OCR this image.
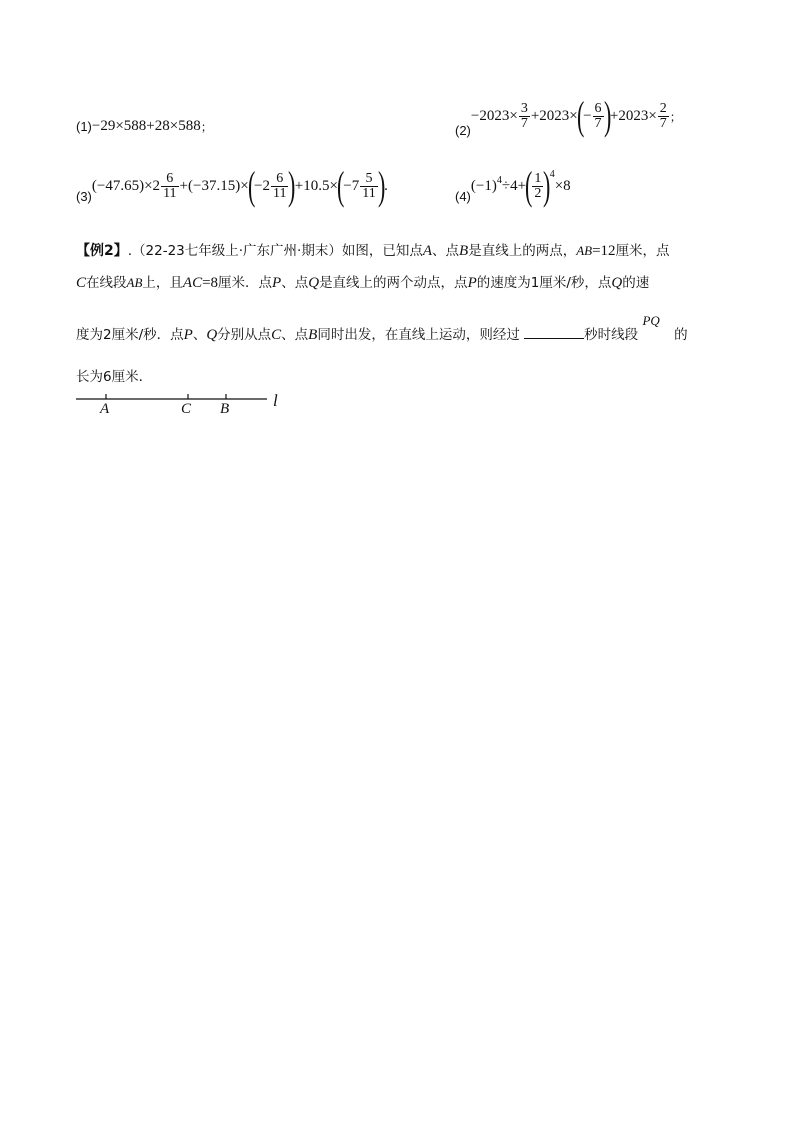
(1) −29×588+28×588 ；	(2)
$-2023\times \frac{3}{7} +2023\times$
(
− $\frac{6}{7}$ )
$+2023\times \frac{2}{7}$ ；
(3)
$(-47.65)\times 2 \frac{6}{11} +(-37.15)\times$
(
$-2 \frac{6}{11}$ )
+10.5×
(
$-7 \frac{5}{11}$ )
.
(4)
(−1) 4 ÷4+
( $\frac{1}{2}$ )
4
×8
【例2】.（22-23七年级上·广东广州·期末）如图，已知点A、点B是直线上的两点，AB=12厘米，点
C在线段AB上，且AC=8厘米．点P、点Q是直线上的两个动点，点P的速度为1厘米/秒，点Q的速
度为2厘米/秒．点P、Q分别从点C、点B同时出发，在直线上运动，则经过	秒时线段 PQ 的
长为6厘米．
A	C B	l
